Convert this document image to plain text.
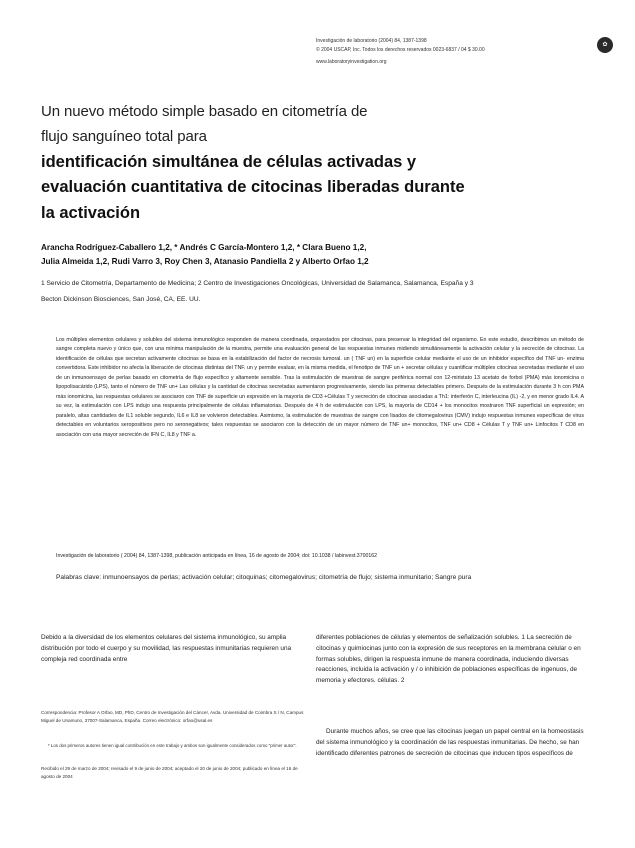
Investigación de laboratorio (2004) 84, 1387-1398
© 2004 USCAP, Inc. Todos los derechos reservados 0023-6837 / 04 $ 30.00
www.laboratoryinvestigation.org
✿
Un nuevo método simple basado en citometría de
flujo sanguíneo total para
identificación simultánea de células activadas y
evaluación cuantitativa de citocinas liberadas durante
la activación
Arancha Rodríguez-Caballero 1,2, * Andrés C García-Montero 1,2, * Clara Bueno 1,2,
Julia Almeida 1,2, Rudi Varro 3, Roy Chen 3, Atanasio Pandiella 2 y Alberto Orfao 1,2
1 Servicio de Citometría, Departamento de Medicina; 2 Centro de Investigaciones Oncológicas, Universidad de Salamanca, Salamanca, España y 3
Becton Dickinson Biosciences, San José, CA, EE. UU.
Los múltiples elementos celulares y solubles del sistema inmunológico responden de manera coordinada, orquestados por citocinas, para preservar la integridad del organismo. En este estudio, describimos un método de sangre completa nuevo y único que, con una mínima manipulación de la muestra, permite una evaluación general de las respuestas inmunes midiendo simultáneamente la activación celular y la secreción de citocinas. La identificación de células que secretan activamente citocinas se basa en la estabilización del factor de necrosis tumoral. un ( TNF un) en la superficie celular mediante el uso de un inhibidor específico del TNF un- enzima convertidora. Este inhibidor no afecta la liberación de citocinas distintas del TNF. un y permite evaluar, en la misma medida, el fenotipo de TNF un + secretar células y cuantificar múltiples citocinas secretadas mediante el uso de un inmunoensayo de perlas basado en citometría de flujo específico y altamente sensible. Tras la estimulación de muestras de sangre periférica normal con 12-miristato 13 acetato de forbol (PMA) más ionomicina o lipopolisacárido (LPS), tanto el número de TNF un+ Las células y la cantidad de citocinas secretadas aumentaron progresivamente, siendo las primeras detectables primero. Después de la estimulación durante 3 h con PMA más ionomicina, las respuestas celulares se asociaron con TNF de superficie un expresión en la mayoría de CD3 +Células T y secreción de citocinas asociadas a Th1: interferón C, interleucina (IL) -2, y en menor grado IL4. A su vez, la estimulación con LPS indujo una respuesta principalmente de células inflamatorias. Después de 4 h de estimulación con LPS, la mayoría de CD14 + los monocitos mostraron TNF superficial un expresión; en paralelo, altas cantidades de IL1 soluble segundo, IL6 e IL8 se volvieron detectables. Asimismo, la estimulación de muestras de sangre con lisados de citomegalovirus (CMV) indujo respuestas inmunes específicas de virus detectables en voluntarios seropositivos pero no seronegativos; tales respuestas se asociaron con la detección de un mayor número de TNF un+ monocitos, TNF un+ CD8 + Células T y TNF un+ Linfocitos T CD8 en asociación con una mayor secreción de IFN C, IL8 y TNF a.
Investigación de laboratorio ( 2004) 84, 1387-1398, publicación anticipada en línea, 16 de agosto de 2004; doi: 10.1038 / labinvest.3700162
Palabras clave: inmunoensayos de perlas; activación celular; citoquinas; citomegalovirus; citometría de flujo; sistema inmunitario; Sangre pura
Debido a la diversidad de los elementos celulares del sistema inmunológico, su amplia distribución por todo el cuerpo y su movilidad, las respuestas inmunitarias requieren una compleja red coordinada entre
diferentes poblaciones de células y elementos de señalización solubles. 1 La secreción de citocinas y quimiocinas junto con la expresión de sus receptores en la membrana celular o en formas solubles, dirigen la respuesta inmune de manera coordinada, induciendo diversas reacciones, incluida la activación y / o inhibición de poblaciones específicas de ingenuos, de memoria y efectores. células. 2
Durante muchos años, se cree que las citocinas juegan un papel central en la homeostasis del sistema inmunológico y la coordinación de las respuestas inmunitarias. De hecho, se han identificado diferentes patrones de secreción de citocinas que inducen tipos específicos de
Correspondencia: Profesor A Orfao, MD, PhD, Centro de Investigación del Cáncer, Avda. Universidad de Coimbra S / N, Campus Miguel de Unamuno, 37007-Salamanca, España. Correo electrónico: orfao@usal.es
* Los dos primeros autores tienen igual contribución en este trabajo y ambos son igualmente considerados como "primer autor".
Recibido el 29 de marzo de 2004; revisado el 9 de junio de 2004; aceptado el 20 de junio de 2004; publicado en línea el 16 de agosto de 2004
